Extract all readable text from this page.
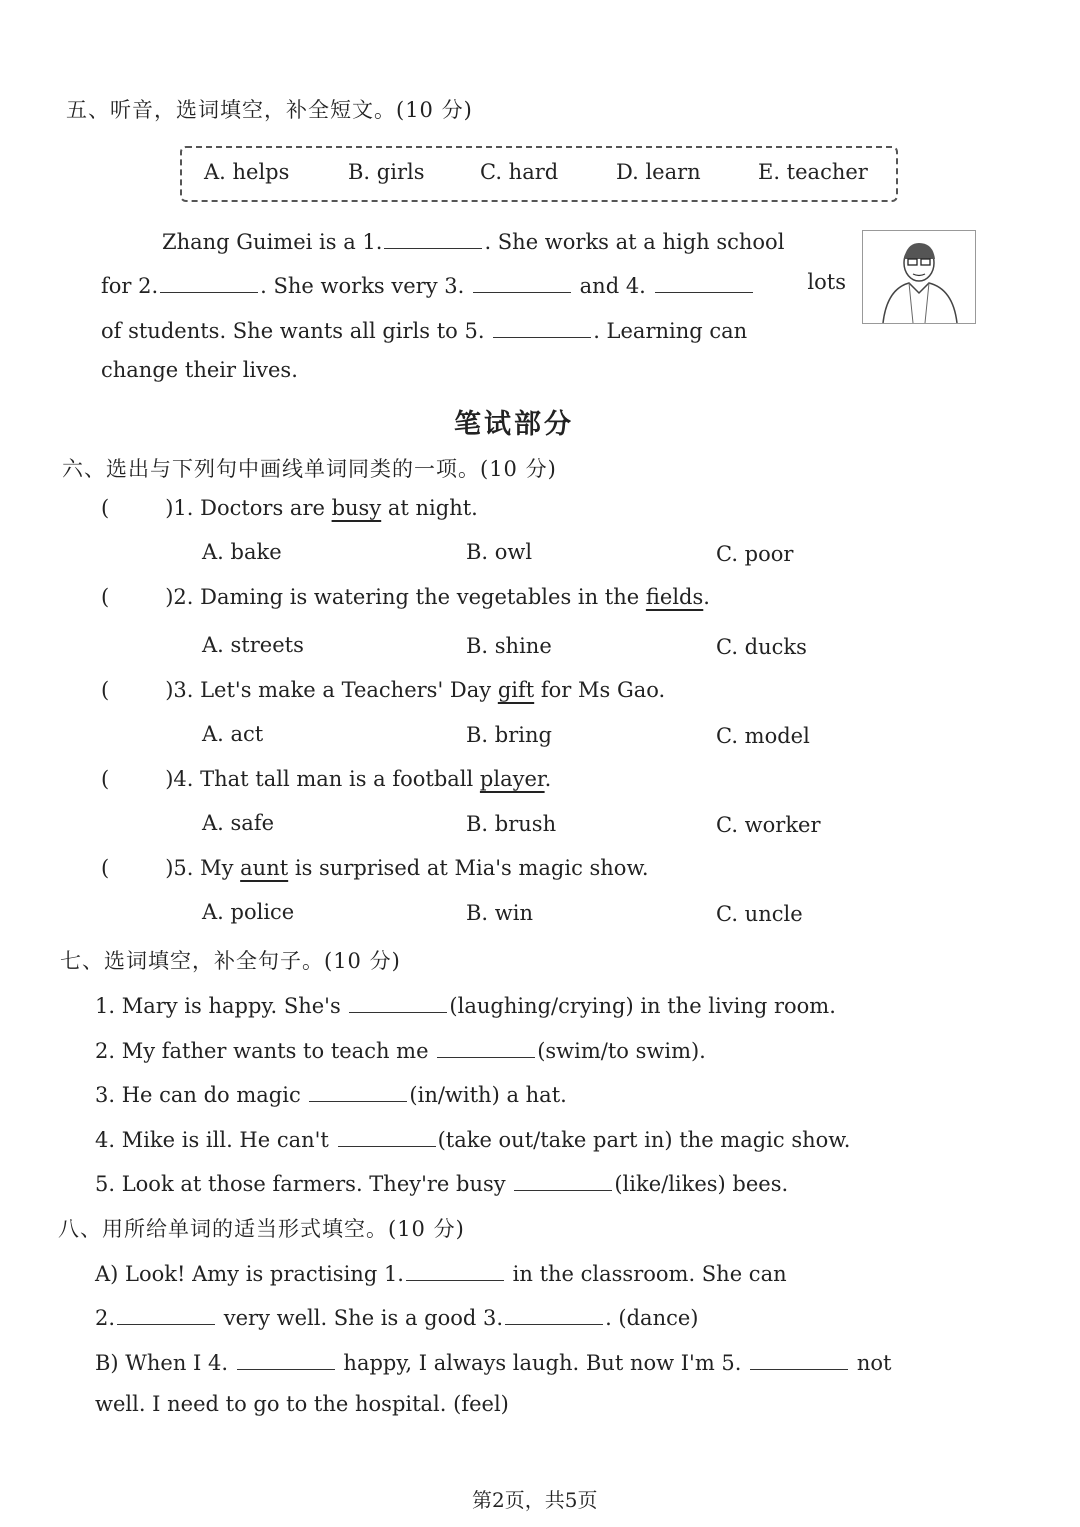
五、听音，选词填空，补全短文。(10 分)
A. helps	B. girls	C. hard	D. learn	E. teacher
Zhang Guimei is a 1.	. She works at a high school
for 2.	. She works very 3.	and 4.	lots
of students. She wants all girls to 5.	. Learning can
change their lives.
笔试部分
六、选出与下列句中画线单词同类的一项。(10 分)
(	)1. Doctors are busy at night.
A. bake	B. owl	C. poor
(	)2. Daming is watering the vegetables in the fields.
A. streets	B. shine	C. ducks
(	)3. Let's make a Teachers' Day gift for Ms Gao.
A. act	B. bring	C. model
(	)4. That tall man is a football player.
A. safe	B. brush	C. worker
(	)5. My aunt is surprised at Mia's magic show.
A. police	B. win	C. uncle
七、选词填空，补全句子。(10 分)
1. Mary is happy. She's	(laughing/crying) in the living room.
2. My father wants to teach me	(swim/to swim).
3. He can do magic	(in/with) a hat.
4. Mike is ill. He can't	(take out/take part in) the magic show.
5. Look at those farmers. They're busy	(like/likes) bees.
八、用所给单词的适当形式填空。(10 分)
A) Look! Amy is practising 1.	in the classroom. She can
2.	very well. She is a good 3.	. (dance)
B) When I 4.	happy, I always laugh. But now I'm 5.	not
well. I need to go to the hospital. (feel)
第2页，共5页
